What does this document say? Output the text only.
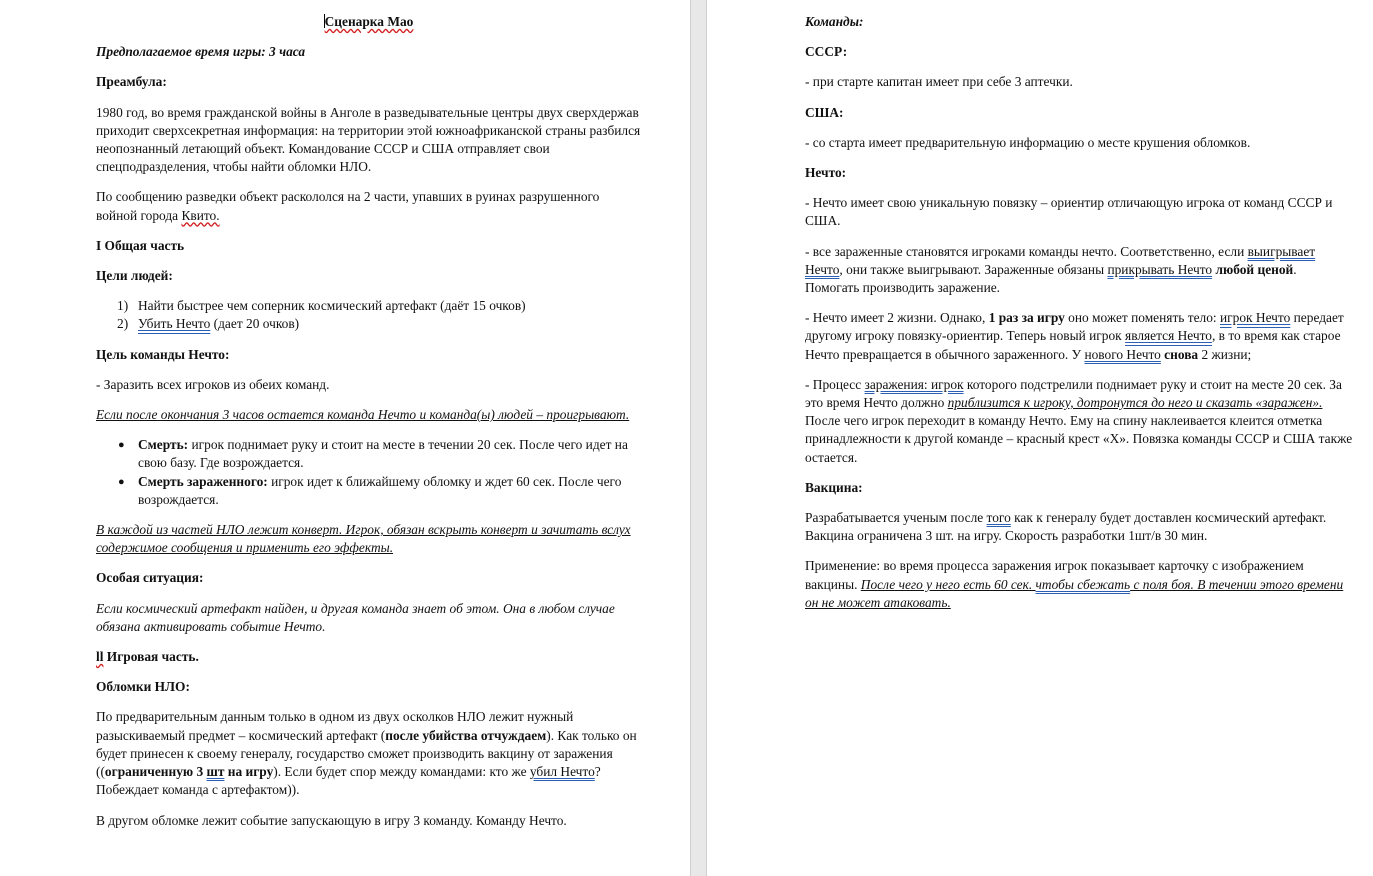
Сценарка Мао

Предполагаемое время игры: 3 часа

Преамбула:

1980 год, во время гражданской войны в Анголе в разведывательные центры двух сверхдержав приходит сверхсекретная информация: на территории этой южноафриканской страны разбился неопознанный летающий объект. Командование СССР и США отправляет свои спецподразделения, чтобы найти обломки НЛО.

По сообщению разведки объект раскололся на 2 части, упавших в руинах разрушенного войной города Квито.

I Общая часть

Цели людей:

1) Найти быстрее чем соперник космический артефакт (даёт 15 очков)
2) Убить Нечто (дает 20 очков)

Цель команды Нечто:

- Заразить всех игроков из обеих команд.

Если после окончания 3 часов остается команда Нечто и команда(ы) людей – проигрывают.

● Смерть: игрок поднимает руку и стоит на месте в течении 20 сек. После чего идет на свою базу. Где возрождается.
● Смерть зараженного: игрок идет к ближайшему обломку и ждет 60 сек. После чего возрождается.

В каждой из частей НЛО лежит конверт. Игрок, обязан вскрыть конверт и зачитать вслух содержимое сообщения и применить его эффекты.

Особая ситуация:

Если космический артефакт найден, и другая команда знает об этом. Она в любом случае обязана активировать событие Нечто.

ll Игровая часть.

Обломки НЛО:

По предварительным данным только в одном из двух осколков НЛО лежит нужный разыскиваемый предмет – космический артефакт (после убийства отчуждаем). Как только он будет принесен к своему генералу, государство сможет производить вакцину от заражения ((ограниченную 3 шт на игру). Если будет спор между командами: кто же убил Нечто? Побеждает команда с артефактом)).

В другом обломке лежит событие запускающую в игру 3 команду. Команду Нечто.

Команды:

СССР:

- при старте капитан имеет при себе 3 аптечки.

США:

- со старта имеет предварительную информацию о месте крушения обломков.

Нечто:

- Нечто имеет свою уникальную повязку – ориентир отличающую игрока от команд СССР и США.

- все зараженные становятся игроками команды нечто. Соответственно, если выигрывает Нечто, они также выигрывают. Зараженные обязаны прикрывать Нечто любой ценой. Помогать производить заражение.

- Нечто имеет 2 жизни. Однако, 1 раз за игру оно может поменять тело: игрок Нечто передает другому игроку повязку-ориентир. Теперь новый игрок является Нечто, в то время как старое Нечто превращается в обычного зараженного. У нового Нечто снова 2 жизни;

- Процесс заражения: игрок которого подстрелили поднимает руку и стоит на месте 20 сек. За это время Нечто должно приблизится к игроку, дотронутся до него и сказать «заражен». После чего игрок переходит в команду Нечто. Ему на спину наклеивается клеится отметка принадлежности к другой команде – красный крест «Х». Повязка команды СССР и США также остается.

Вакцина:

Разрабатывается ученым после того как к генералу будет доставлен космический артефакт. Вакцина ограничена 3 шт. на игру. Скорость разработки 1шт/в 30 мин.

Применение: во время процесса заражения игрок показывает карточку с изображением вакцины. После чего у него есть 60 сек. чтобы сбежать с поля боя. В течении этого времени он не может атаковать.
